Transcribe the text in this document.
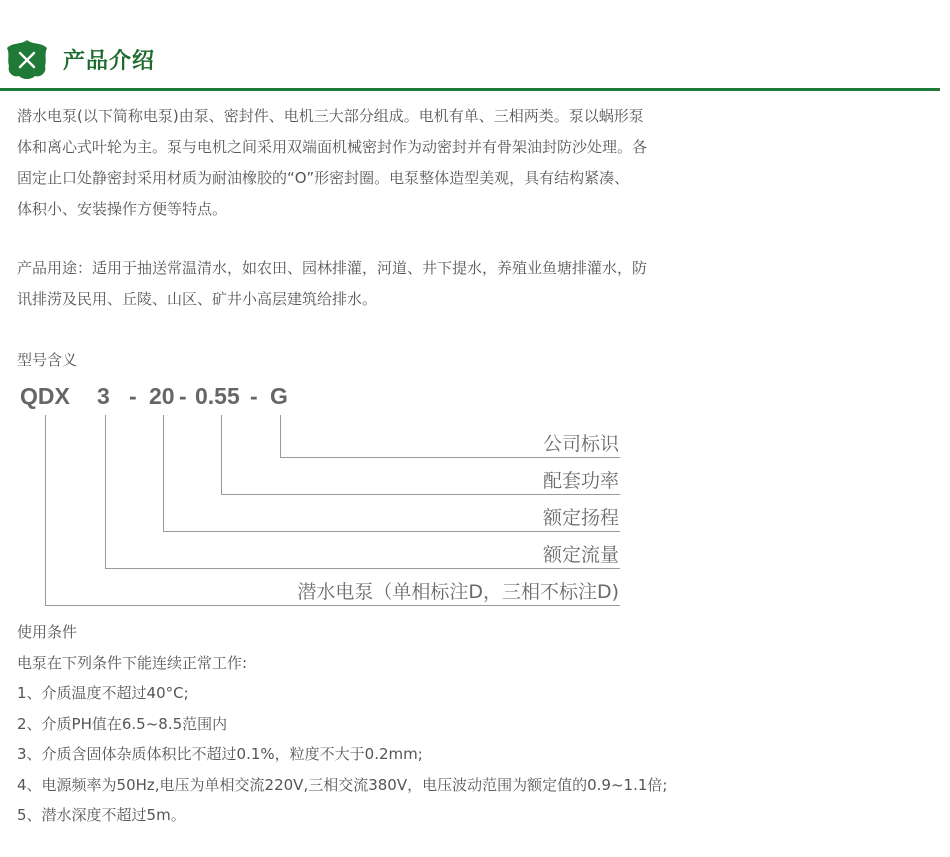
产品介绍
潜水电泵(以下简称电泵)由泵、密封件、电机三大部分组成。电机有单、三相两类。泵以蜗形泵
体和离心式叶轮为主。泵与电机之间采用双端面机械密封作为动密封并有骨架油封防沙处理。各
固定止口处静密封采用材质为耐油橡胶的“O”形密封圈。电泵整体造型美观，具有结构紧凑、
体积小、安装操作方便等特点。
产品用途：适用于抽送常温清水，如农田、园林排灌，河道、井下提水，养殖业鱼塘排灌水，防
讯排涝及民用、丘陵、山区、矿井小高层建筑给排水。
型号含义
QDX 3 - 20 - 0.55 - G
公司标识
配套功率
额定扬程
额定流量
潜水电泵（单相标注D，三相不标注D)
使用条件
电泵在下列条件下能连续正常工作:
1、介质温度不超过40°C;
2、介质PH值在6.5~8.5范围内
3、介质含固体杂质体积比不超过0.1%，粒度不大于0.2mm;
4、电源频率为50Hz,电压为单相交流220V,三相交流380V，电压波动范围为额定值的0.9~1.1倍;
5、潜水深度不超过5m。
